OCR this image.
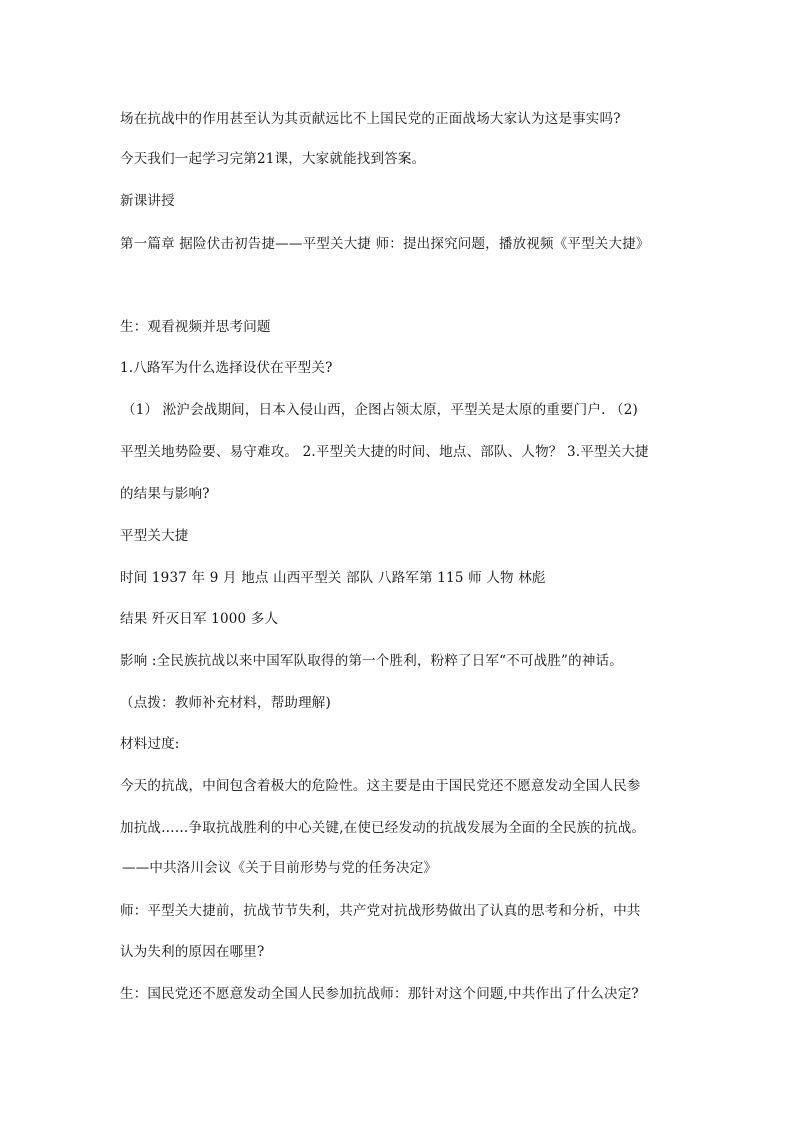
场在抗战中的作用甚至认为其贡献远比不上国民党的正面战场大家认为这是事实吗?
今天我们一起学习完第21课，大家就能找到答案。
新课讲授
第一篇章 据险伏击初告捷——平型关大捷 师：提出探究问题，播放视频《平型关大捷》
生：观看视频并思考问题
1.八路军为什么选择设伏在平型关?
（1） 淞沪会战期间，日本入侵山西，企图占领太原，平型关是太原的重要门户. （2)
平型关地势险要、易守难攻。 2.平型关大捷的时间、地点、部队、人物？ 3.平型关大捷
的结果与影响?
平型关大捷
时间 1937 年 9 月 地点 山西平型关 部队 八路军第 115 师 人物 林彪
结果 歼灭日军 1000 多人
影响 :全民族抗战以来中国军队取得的第一个胜利，粉粹了日军“不可战胜”的神话。
（点拨：教师补充材料，帮助理解)
材料过度:
今天的抗战，中间包含着极大的危险性。这主要是由于国民党还不愿意发动全国人民参
加抗战……争取抗战胜利的中心关键,在使已经发动的抗战发展为全面的全民族的抗战。
——中共洛川会议《关于目前形势与党的任务决定》
师：平型关大捷前，抗战节节失利，共产党对抗战形势做出了认真的思考和分析，中共
认为失利的原因在哪里?
生：国民党还不愿意发动全国人民参加抗战师：那针对这个问题,中共作出了什么决定?
